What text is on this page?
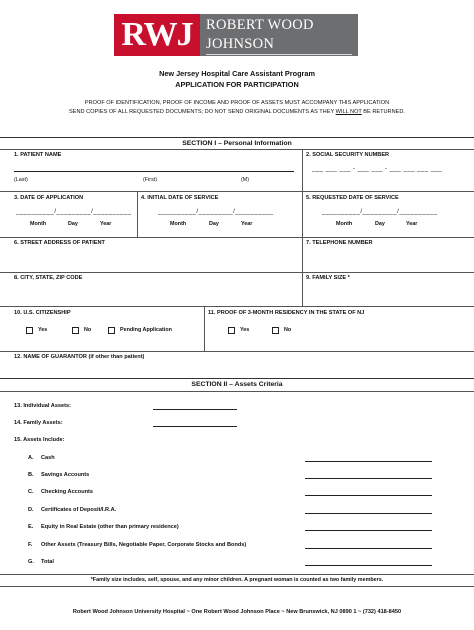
RWJ ROBERT WOOD JOHNSON
UNIVERSITY HOSPITAL
New Jersey Hospital Care Assistant Program
APPLICATION FOR PARTICIPATION
PROOF OF IDENTIFICATION, PROOF OF INCOME AND PROOF OF ASSETS MUST ACCOMPANY THIS APPLICATION
SEND COPIES OF ALL REQUESTED DOCUMENTS; DO NOT SEND ORIGINAL DOCUMENTS AS THEY WILL NOT BE RETURNED.
SECTION I – Personal Information
1. PATIENT NAME
(Last)	(First)	(M)
2. SOCIAL SECURITY NUMBER
___ ___ ___ - ___ ___ - ___ ___ ___ ___
3. DATE OF APPLICATION
__________/_________/__________
Month	Day	Year
4. INITIAL DATE OF SERVICE
__________/_________/__________
Month	Day	Year
5. REQUESTED DATE OF SERVICE
__________/_________/__________
Month	Day	Year
6. STREET ADDRESS OF PATIENT	7. TELEPHONE NUMBER
8. CITY, STATE, ZIP CODE	9. FAMILY SIZE *
10. U.S. CITIZENSHIP
Yes	No	Pending Application
11. PROOF OF 3-MONTH RESIDENCY IN THE STATE OF NJ
Yes	No
12. NAME OF GUARANTOR (if other than patient)
SECTION II – Assets Criteria
13. Individual Assets:
14. Family Assets:
15. Assets Include:
A. Cash
B. Savings Accounts
C. Checking Accounts
D. Certificates of Deposit/I.R.A.
E. Equity in Real Estate (other than primary residence)
F. Other Assets (Treasury Bills, Negotiable Paper, Corporate Stocks and Bonds)
G. Total
*Family size includes, self, spouse, and any minor children. A pregnant woman is counted as two family members.
Robert Wood Johnson University Hospital ~ One Robert Wood Johnson Place ~ New Brunswick, NJ 0890 1 ~ (732) 418-8450
